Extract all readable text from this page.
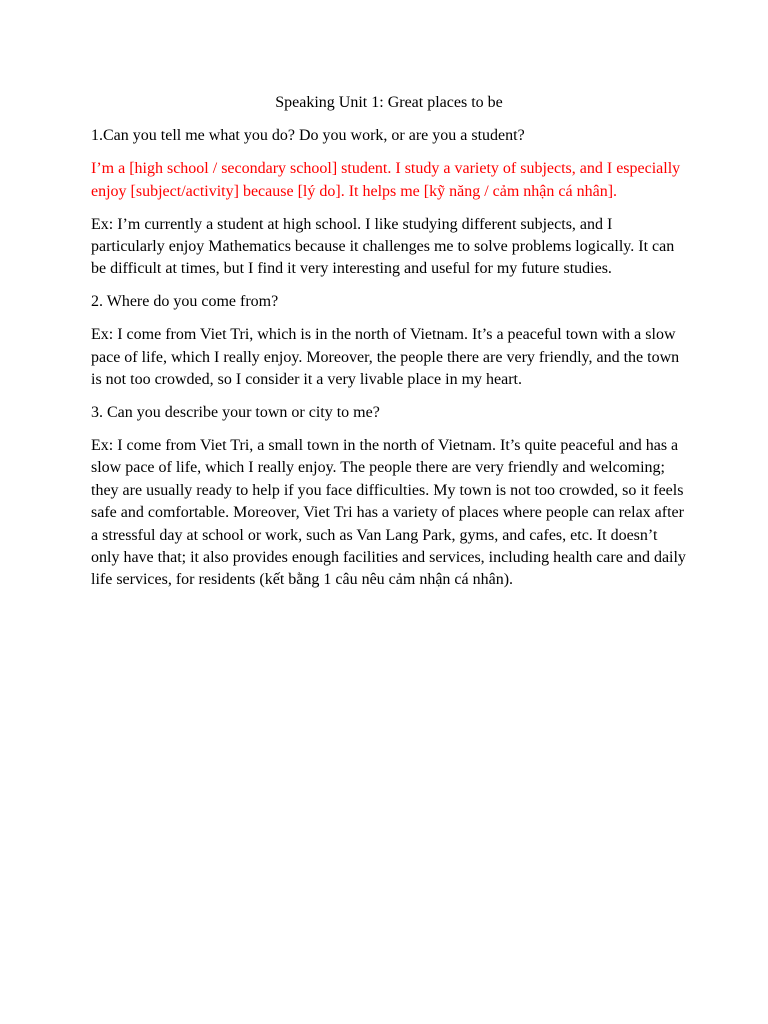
Speaking Unit 1: Great places to be

1.Can you tell me what you do? Do you work, or are you a student?

I’m a [high school / secondary school] student. I study a variety of subjects, and I especially enjoy [subject/activity] because [lý do]. It helps me [kỹ năng / cảm nhận cá nhân].

Ex: I’m currently a student at high school. I like studying different subjects, and I particularly enjoy Mathematics because it challenges me to solve problems logically. It can be difficult at times, but I find it very interesting and useful for my future studies.

2. Where do you come from?

Ex: I come from Viet Tri, which is in the north of Vietnam. It’s a peaceful town with a slow pace of life, which I really enjoy. Moreover, the people there are very friendly, and the town is not too crowded, so I consider it a very livable place in my heart.

3. Can you describe your town or city to me?

Ex: I come from Viet Tri, a small town in the north of Vietnam. It’s quite peaceful and has a slow pace of life, which I really enjoy. The people there are very friendly and welcoming; they are usually ready to help if you face difficulties. My town is not too crowded, so it feels safe and comfortable. Moreover, Viet Tri has a variety of places where people can relax after a stressful day at school or work, such as Van Lang Park, gyms, and cafes, etc. It doesn’t only have that; it also provides enough facilities and services, including health care and daily life services, for residents (kết bằng 1 câu nêu cảm nhận cá nhân).
